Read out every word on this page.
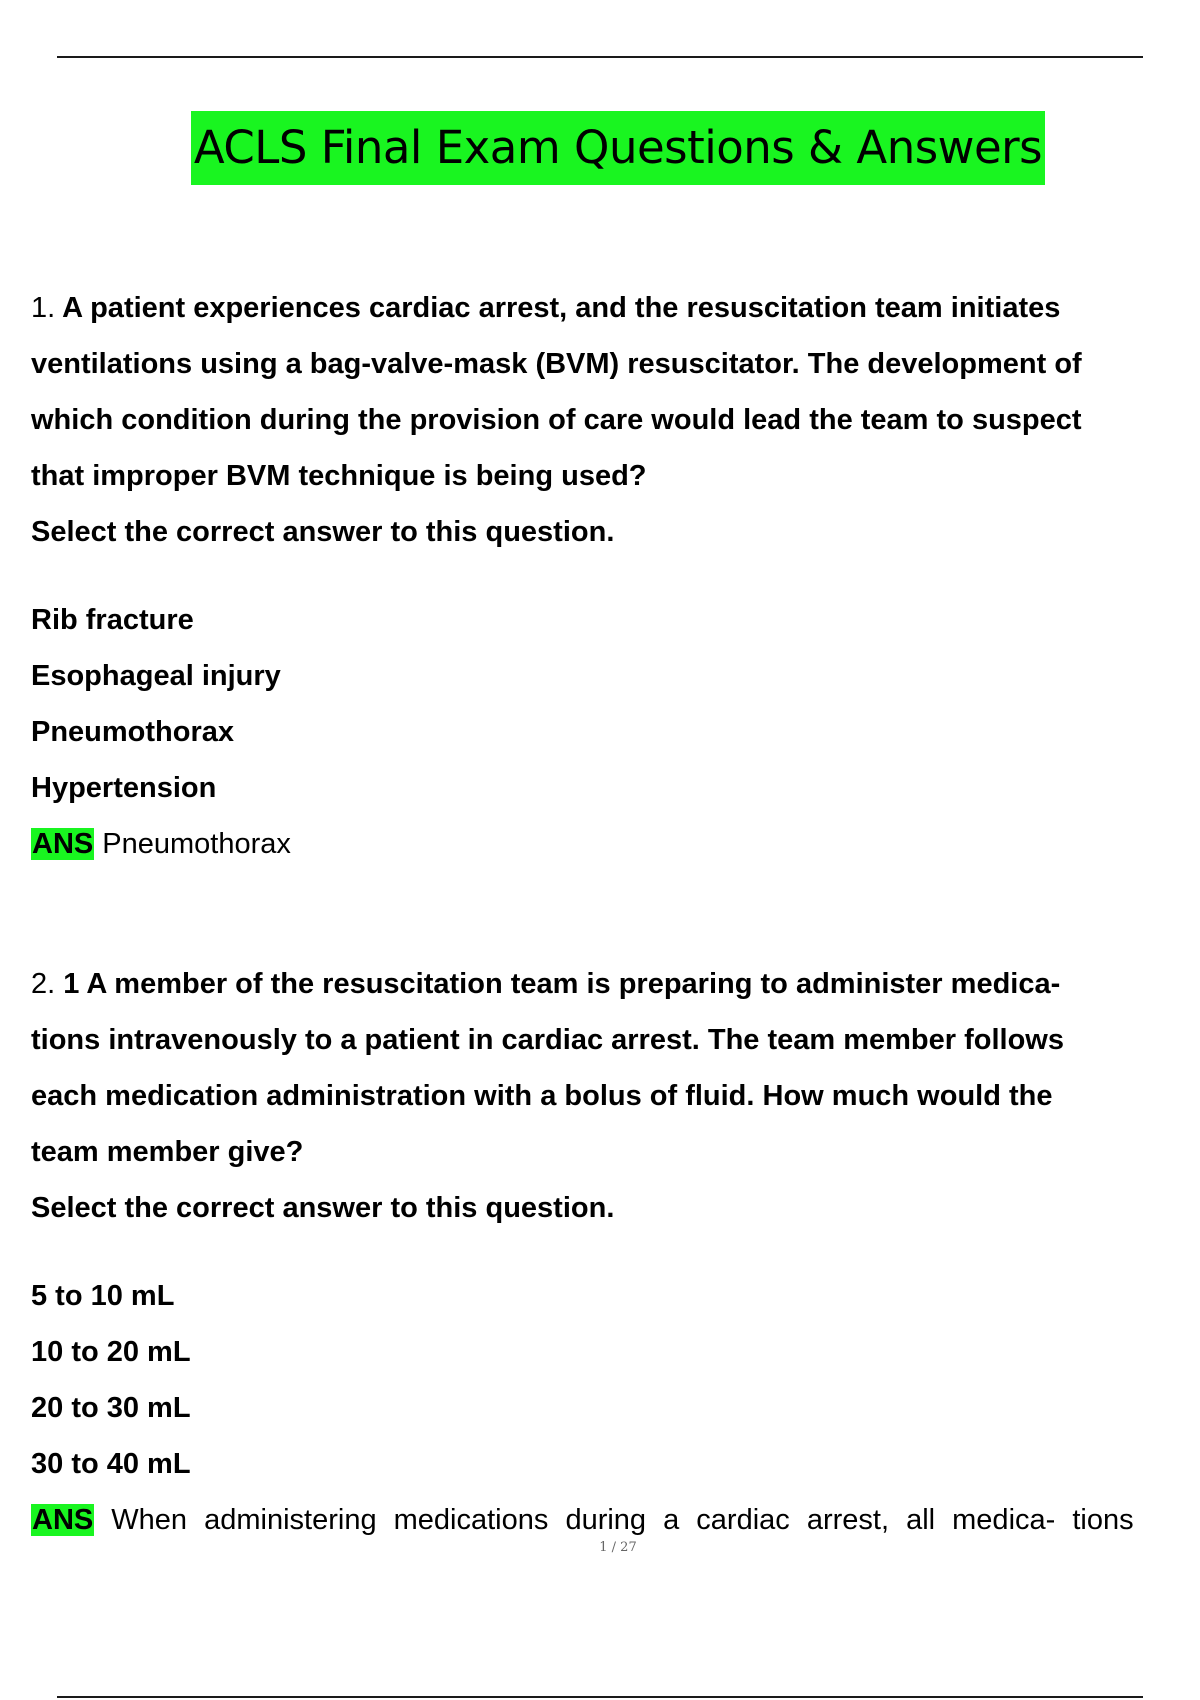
ACLS Final Exam Questions & Answers
1. A patient experiences cardiac arrest, and the resuscitation team initiates
ventilations using a bag-valve-mask (BVM) resuscitator. The development of
which condition during the provision of care would lead the team to suspect
that improper BVM technique is being used?
Select the correct answer to this question.
Rib fracture
Esophageal injury
Pneumothorax
Hypertension
ANS Pneumothorax
2. 1 A member of the resuscitation team is preparing to administer medica-
tions intravenously to a patient in cardiac arrest. The team member follows
each medication administration with a bolus of fluid. How much would the
team member give?
Select the correct answer to this question.
5 to 10 mL
10 to 20 mL
20 to 30 mL
30 to 40 mL
ANS When administering medications during a cardiac arrest, all medica- tions
1 / 27
